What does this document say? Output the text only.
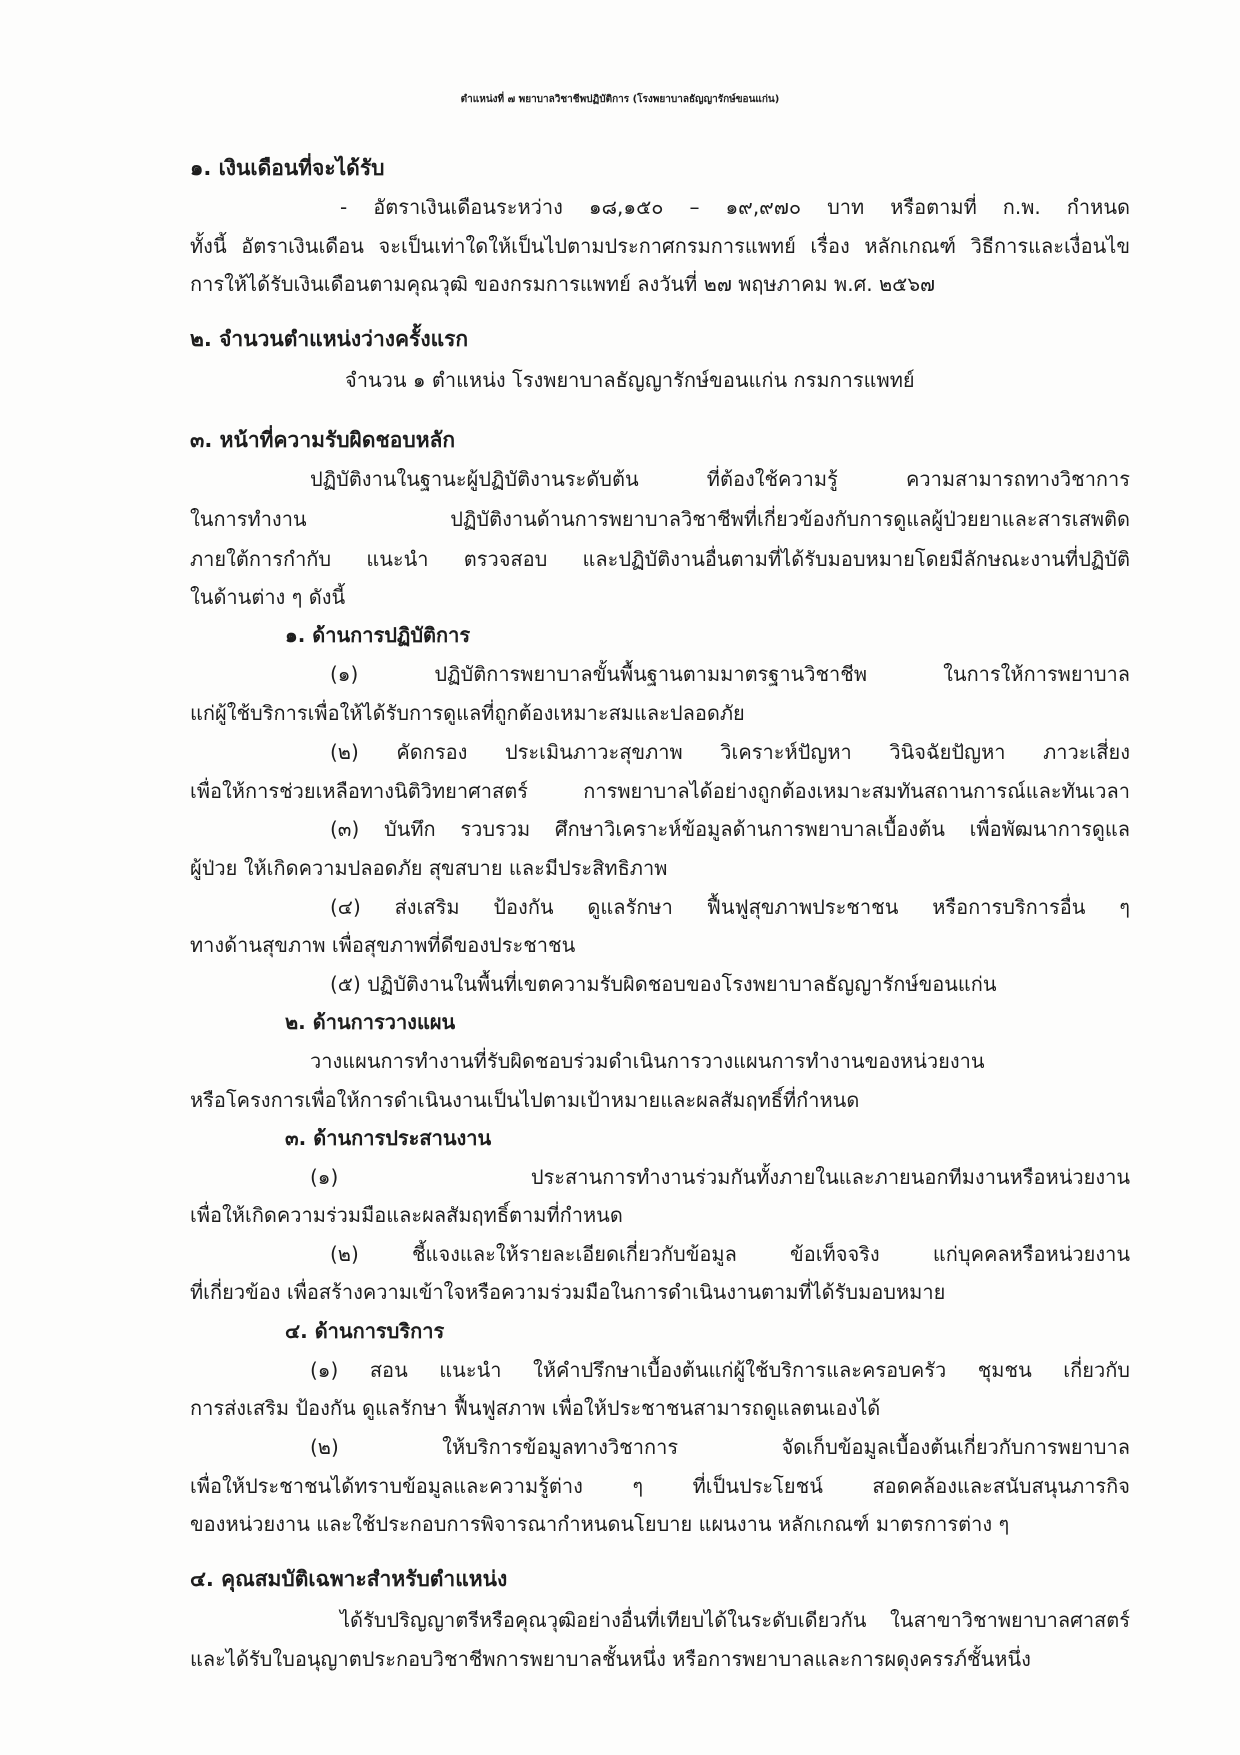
ตำแหน่งที่ ๗ พยาบาลวิชาชีพปฏิบัติการ (โรงพยาบาลธัญญารักษ์ขอนแก่น)
๑. เงินเดือนที่จะได้รับ
- อัตราเงินเดือนระหว่าง ๑๘,๑๕๐ – ๑๙,๙๗๐ บาท หรือตามที่ ก.พ. กำหนด
ทั้งนี้ อัตราเงินเดือน จะเป็นเท่าใดให้เป็นไปตามประกาศกรมการแพทย์ เรื่อง หลักเกณฑ์ วิธีการและเงื่อนไข
การให้ได้รับเงินเดือนตามคุณวุฒิ ของกรมการแพทย์ ลงวันที่ ๒๗ พฤษภาคม พ.ศ. ๒๕๖๗
๒. จำนวนตำแหน่งว่างครั้งแรก
จำนวน ๑ ตำแหน่ง โรงพยาบาลธัญญารักษ์ขอนแก่น กรมการแพทย์
๓. หน้าที่ความรับผิดชอบหลัก
ปฏิบัติงานในฐานะผู้ปฏิบัติงานระดับต้น ที่ต้องใช้ความรู้ ความสามารถทางวิชาการ
ในการทำงาน ปฏิบัติงานด้านการพยาบาลวิชาชีพที่เกี่ยวข้องกับการดูแลผู้ป่วยยาและสารเสพติด
ภายใต้การกำกับ แนะนำ ตรวจสอบ และปฏิบัติงานอื่นตามที่ได้รับมอบหมายโดยมีลักษณะงานที่ปฏิบัติ
ในด้านต่าง ๆ ดังนี้
๑. ด้านการปฏิบัติการ
(๑) ปฏิบัติการพยาบาลขั้นพื้นฐานตามมาตรฐานวิชาชีพ ในการให้การพยาบาล
แก่ผู้ใช้บริการเพื่อให้ได้รับการดูแลที่ถูกต้องเหมาะสมและปลอดภัย
(๒) คัดกรอง ประเมินภาวะสุขภาพ วิเคราะห์ปัญหา วินิจฉัยปัญหา ภาวะเสี่ยง
เพื่อให้การช่วยเหลือทางนิติวิทยาศาสตร์ การพยาบาลได้อย่างถูกต้องเหมาะสมทันสถานการณ์และทันเวลา
(๓) บันทึก รวบรวม ศึกษาวิเคราะห์ข้อมูลด้านการพยาบาลเบื้องต้น เพื่อพัฒนาการดูแล
ผู้ป่วย ให้เกิดความปลอดภัย สุขสบาย และมีประสิทธิภาพ
(๔) ส่งเสริม ป้องกัน ดูแลรักษา ฟื้นฟูสุขภาพประชาชน หรือการบริการอื่น ๆ
ทางด้านสุขภาพ เพื่อสุขภาพที่ดีของประชาชน
(๕) ปฏิบัติงานในพื้นที่เขตความรับผิดชอบของโรงพยาบาลธัญญารักษ์ขอนแก่น
๒. ด้านการวางแผน
วางแผนการทำงานที่รับผิดชอบร่วมดำเนินการวางแผนการทำงานของหน่วยงาน
หรือโครงการเพื่อให้การดำเนินงานเป็นไปตามเป้าหมายและผลสัมฤทธิ์ที่กำหนด
๓. ด้านการประสานงาน
(๑) ประสานการทำงานร่วมกันทั้งภายในและภายนอกทีมงานหรือหน่วยงาน
เพื่อให้เกิดความร่วมมือและผลสัมฤทธิ์ตามที่กำหนด
(๒) ชี้แจงและให้รายละเอียดเกี่ยวกับข้อมูล ข้อเท็จจริง แก่บุคคลหรือหน่วยงาน
ที่เกี่ยวข้อง เพื่อสร้างความเข้าใจหรือความร่วมมือในการดำเนินงานตามที่ได้รับมอบหมาย
๔. ด้านการบริการ
(๑) สอน แนะนำ ให้คำปรึกษาเบื้องต้นแก่ผู้ใช้บริการและครอบครัว ชุมชน เกี่ยวกับ
การส่งเสริม ป้องกัน ดูแลรักษา ฟื้นฟูสภาพ เพื่อให้ประชาชนสามารถดูแลตนเองได้
(๒) ให้บริการข้อมูลทางวิชาการ จัดเก็บข้อมูลเบื้องต้นเกี่ยวกับการพยาบาล
เพื่อให้ประชาชนได้ทราบข้อมูลและความรู้ต่าง ๆ ที่เป็นประโยชน์ สอดคล้องและสนับสนุนภารกิจ
ของหน่วยงาน และใช้ประกอบการพิจารณากำหนดนโยบาย แผนงาน หลักเกณฑ์ มาตรการต่าง ๆ
๔. คุณสมบัติเฉพาะสำหรับตำแหน่ง
ได้รับปริญญาตรีหรือคุณวุฒิอย่างอื่นที่เทียบได้ในระดับเดียวกัน ในสาขาวิชาพยาบาลศาสตร์
และได้รับใบอนุญาตประกอบวิชาชีพการพยาบาลชั้นหนึ่ง หรือการพยาบาลและการผดุงครรภ์ชั้นหนึ่ง
